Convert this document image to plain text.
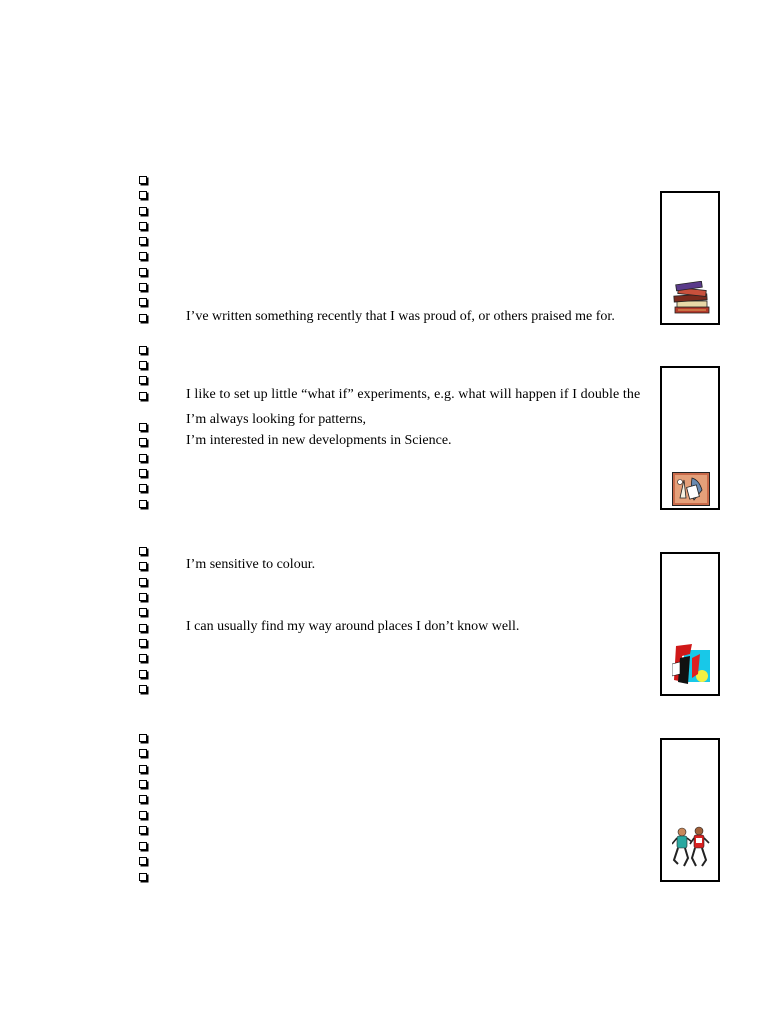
I’ve written something recently that I was proud of, or others praised me for.
I like to set up little “what if” experiments, e.g. what will happen if I double the
I’m always looking for patterns,
I’m interested in new developments in Science.
I’m sensitive to colour.
I can usually find my way around places I don’t know well.
